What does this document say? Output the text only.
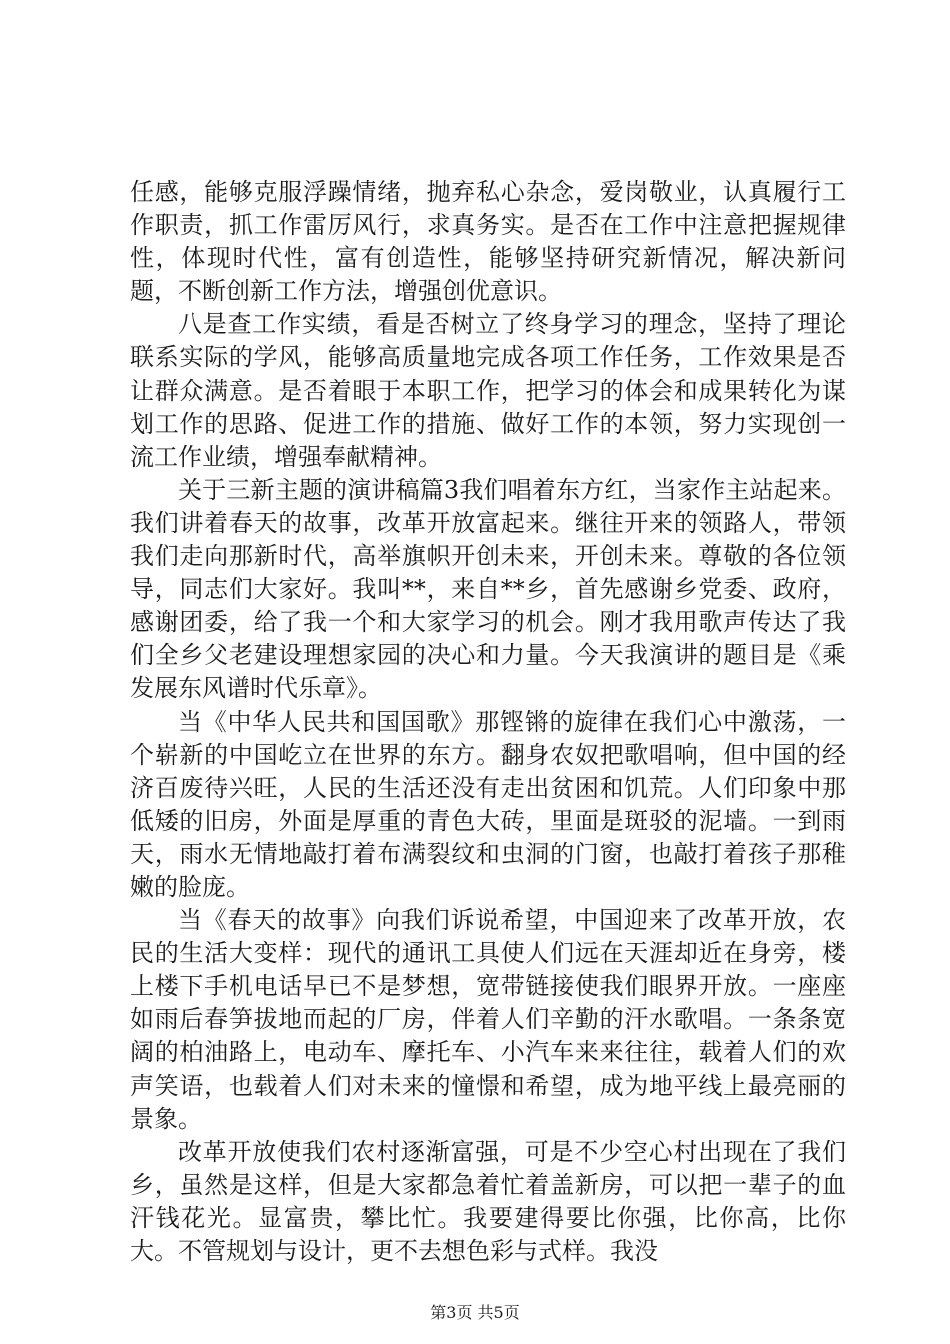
任感，能够克服浮躁情绪，抛弃私心杂念，爱岗敬业，认真履行工作职责，抓工作雷厉风行，求真务实。是否在工作中注意把握规律性，体现时代性，富有创造性，能够坚持研究新情况，解决新问题，不断创新工作方法，增强创优意识。

八是查工作实绩，看是否树立了终身学习的理念，坚持了理论联系实际的学风，能够高质量地完成各项工作任务，工作效果是否让群众满意。是否着眼于本职工作，把学习的体会和成果转化为谋划工作的思路、促进工作的措施、做好工作的本领，努力实现创一流工作业绩，增强奉献精神。

关于三新主题的演讲稿篇3我们唱着东方红，当家作主站起来。我们讲着春天的故事，改革开放富起来。继往开来的领路人，带领我们走向那新时代，高举旗帜开创未来，开创未来。尊敬的各位领导，同志们大家好。我叫**，来自**乡，首先感谢乡党委、政府，感谢团委，给了我一个和大家学习的机会。刚才我用歌声传达了我们全乡父老建设理想家园的决心和力量。今天我演讲的题目是《乘发展东风谱时代乐章》。

当《中华人民共和国国歌》那铿锵的旋律在我们心中激荡，一个崭新的中国屹立在世界的东方。翻身农奴把歌唱响，但中国的经济百废待兴旺，人民的生活还没有走出贫困和饥荒。人们印象中那低矮的旧房，外面是厚重的青色大砖，里面是斑驳的泥墙。一到雨天，雨水无情地敲打着布满裂纹和虫洞的门窗，也敲打着孩子那稚嫩的脸庞。

当《春天的故事》向我们诉说希望，中国迎来了改革开放，农民的生活大变样：现代的通讯工具使人们远在天涯却近在身旁，楼上楼下手机电话早已不是梦想，宽带链接使我们眼界开放。一座座如雨后春笋拔地而起的厂房，伴着人们辛勤的汗水歌唱。一条条宽阔的柏油路上，电动车、摩托车、小汽车来来往往，载着人们的欢声笑语，也载着人们对未来的憧憬和希望，成为地平线上最亮丽的景象。

改革开放使我们农村逐渐富强，可是不少空心村出现在了我们乡，虽然是这样，但是大家都急着忙着盖新房，可以把一辈子的血汗钱花光。显富贵，攀比忙。我要建得要比你强，比你高，比你大。不管规划与设计，更不去想色彩与式样。我没

第3页 共5页
